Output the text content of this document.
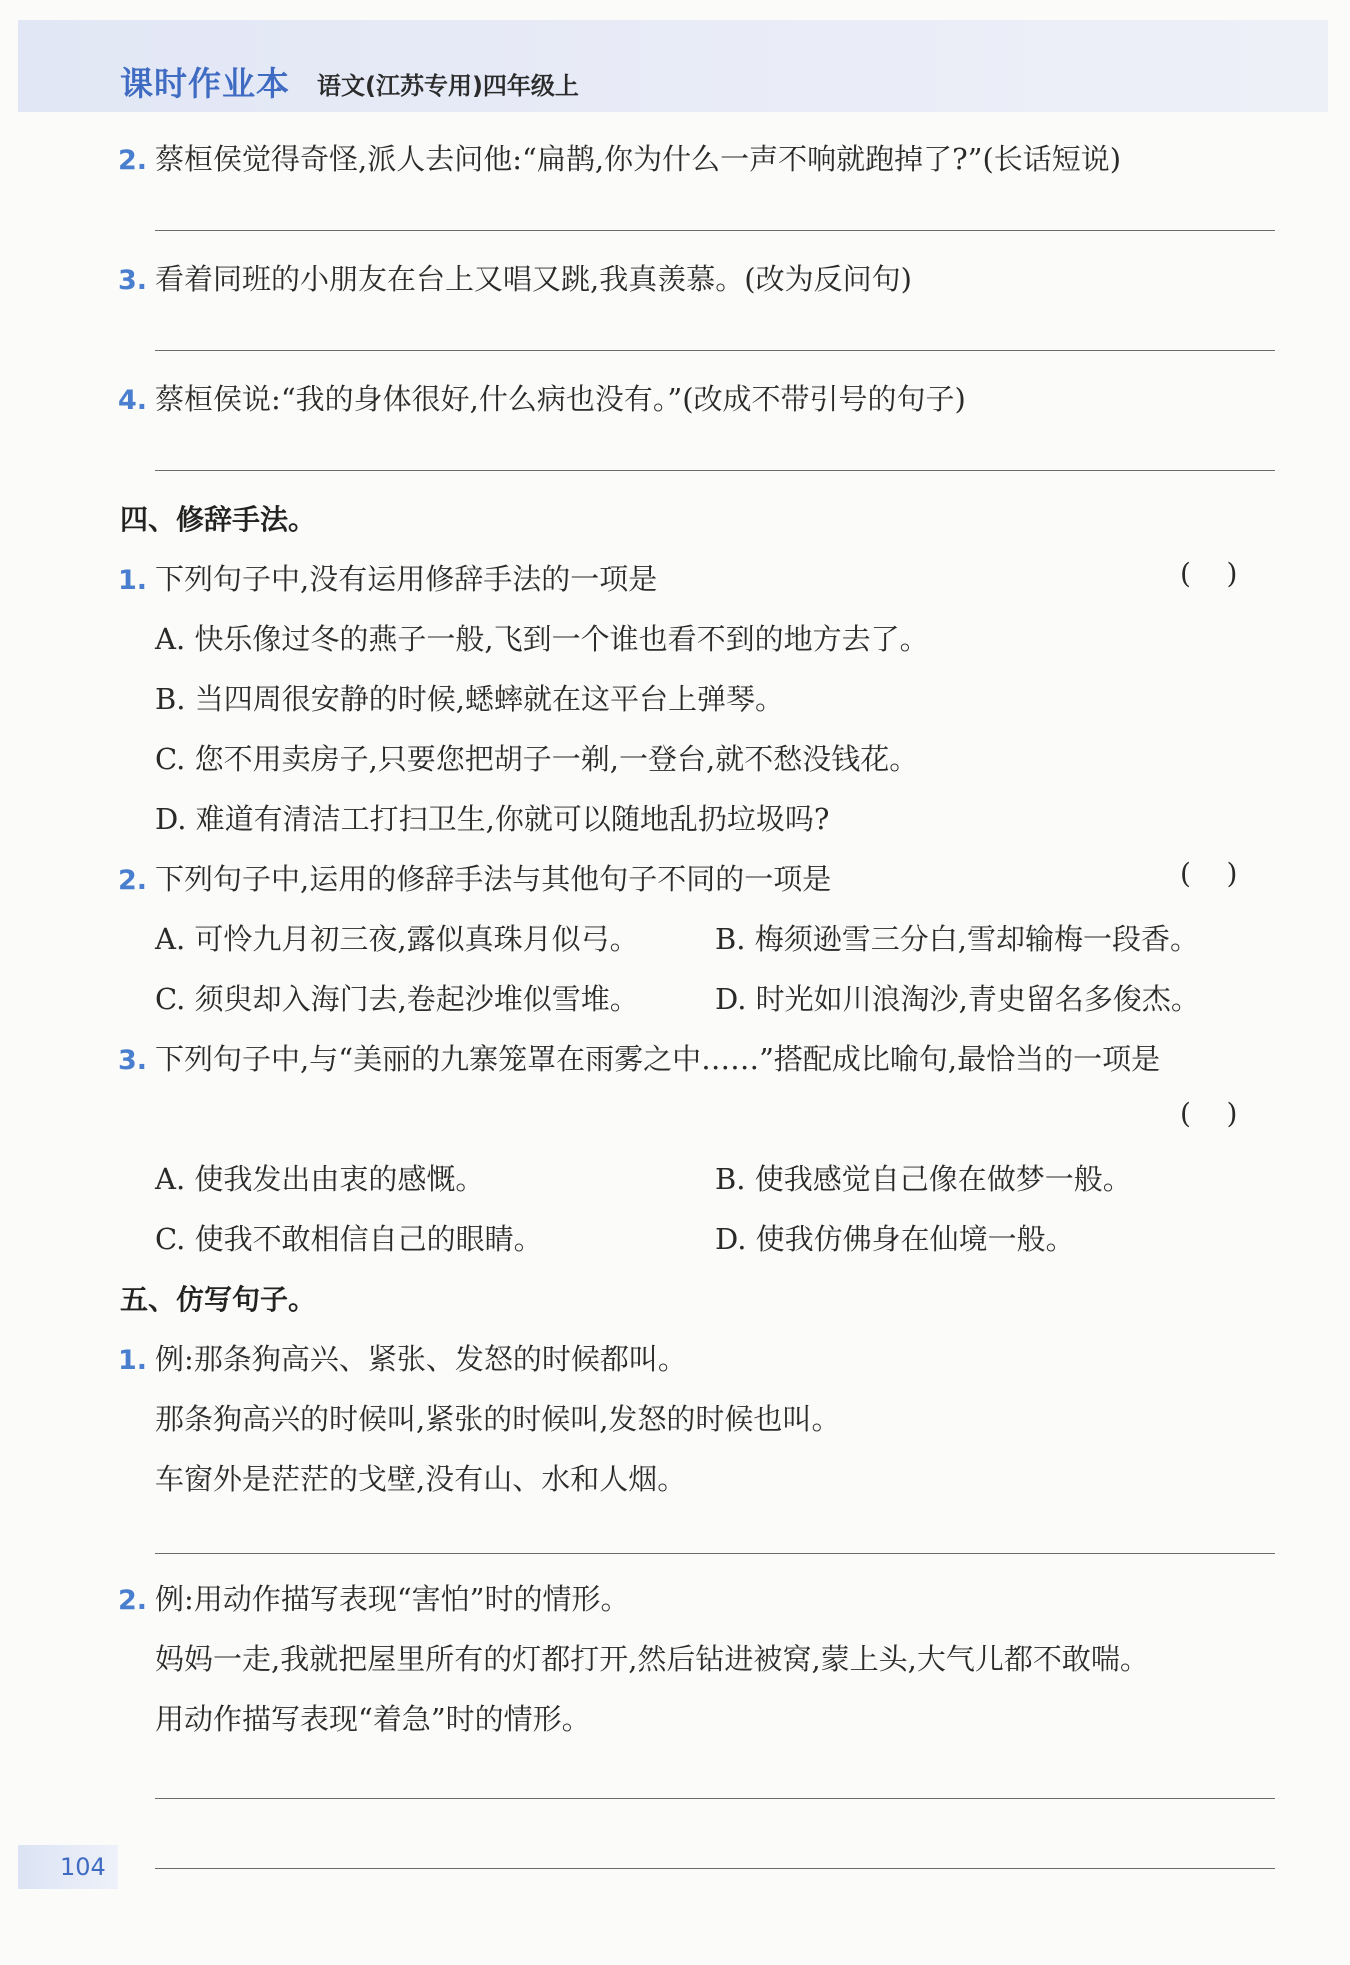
课时作业本 语文(江苏专用)四年级上
2. 蔡桓侯觉得奇怪,派人去问他:“扁鹊,你为什么一声不响就跑掉了?”(长话短说)
3. 看着同班的小朋友在台上又唱又跳,我真羡慕。(改为反问句)
4. 蔡桓侯说:“我的身体很好,什么病也没有。”(改成不带引号的句子)
四、修辞手法。
1. 下列句子中,没有运用修辞手法的一项是	(    )
A. 快乐像过冬的燕子一般,飞到一个谁也看不到的地方去了。
B. 当四周很安静的时候,蟋蟀就在这平台上弹琴。
C. 您不用卖房子,只要您把胡子一剃,一登台,就不愁没钱花。
D. 难道有清洁工打扫卫生,你就可以随地乱扔垃圾吗?
2. 下列句子中,运用的修辞手法与其他句子不同的一项是	(    )
A. 可怜九月初三夜,露似真珠月似弓。	B. 梅须逊雪三分白,雪却输梅一段香。
C. 须臾却入海门去,卷起沙堆似雪堆。	D. 时光如川浪淘沙,青史留名多俊杰。
3. 下列句子中,与“美丽的九寨笼罩在雨雾之中……”搭配成比喻句,最恰当的一项是
(    )
A. 使我发出由衷的感慨。	B. 使我感觉自己像在做梦一般。
C. 使我不敢相信自己的眼睛。	D. 使我仿佛身在仙境一般。
五、仿写句子。
1. 例:那条狗高兴、紧张、发怒的时候都叫。
那条狗高兴的时候叫,紧张的时候叫,发怒的时候也叫。
车窗外是茫茫的戈壁,没有山、水和人烟。
2. 例:用动作描写表现“害怕”时的情形。
妈妈一走,我就把屋里所有的灯都打开,然后钻进被窝,蒙上头,大气儿都不敢喘。
用动作描写表现“着急”时的情形。
104
